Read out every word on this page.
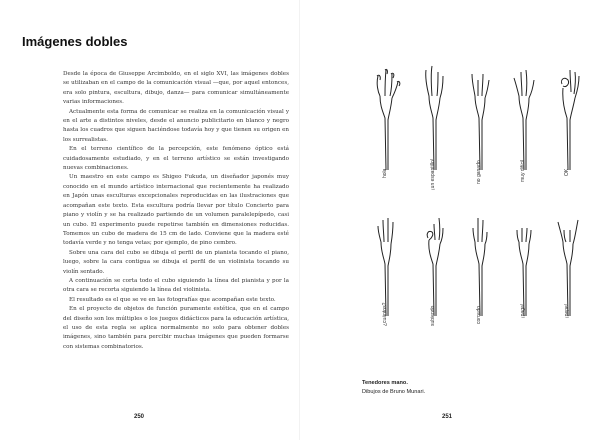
Imágenes dobles

Desde la época de Giuseppe Arcimboldo, en el siglo XVI, las imágenes dobles se utilizaban en el campo de la comunicación visual —que, por aquel entonces, era solo pintura, escultura, dibujo, danza— para comunicar simultáneamente varias informaciones.

Actualmente esta forma de comunicar se realiza en la comunicación visual y en el arte a distintos niveles, desde el anuncio publicitario en blanco y negro hasta los cuadros que siguen haciéndose todavía hoy y que tienen su origen en los surrealistas.

En el terreno científico de la percepción, este fenómeno óptico está cuidadosamente estudiado, y en el terreno artístico se están investigando nuevas combinaciones.

Un maestro en este campo es Shigeo Fukuda, un diseñador japonés muy conocido en el mundo artístico internacional que recientemente ha realizado en Japón unas esculturas excepcionales reproducidas en las ilustraciones que acompañan este texto. Esta escultura podría llevar por título Concierto para piano y violín y se ha realizado partiendo de un volumen paralelepípedo, casi un cubo. El experimento puede repetirse también en dimensiones reducidas. Tomemos un cubo de madera de 15 cm de lado. Conviene que la madera esté todavía verde y no tenga vetas; por ejemplo, de pino cembro.

Sobre una cara del cubo se dibuja el perfil de un pianista tocando el piano, luego, sobre la cara contigua se dibuja el perfil de un violinista tocando su violín sentado.

A continuación se corta todo el cubo siguiendo la línea del pianista y por la otra cara se recorta siguiendo la línea del violinista.

El resultado es el que se ve en las fotografías que acompañan este texto.

En el proyecto de objetos de función puramente estética, que en el campo del diseño son los múltiples o los juegos didácticos para la educación artística, el uso de esta regla se aplica normalmente no solo para obtener dobles imágenes, sino también para percibir muchas imágenes que pueden formarse con sistemas combinatorios.

250
hola	¡un espantillo!	no ganado	muy difícil	OK
¿cuántos?	subiendo	cornudo	¡paga!	¡pepe!
Tenedores mano.
Dibujos de Bruno Munari.
251
